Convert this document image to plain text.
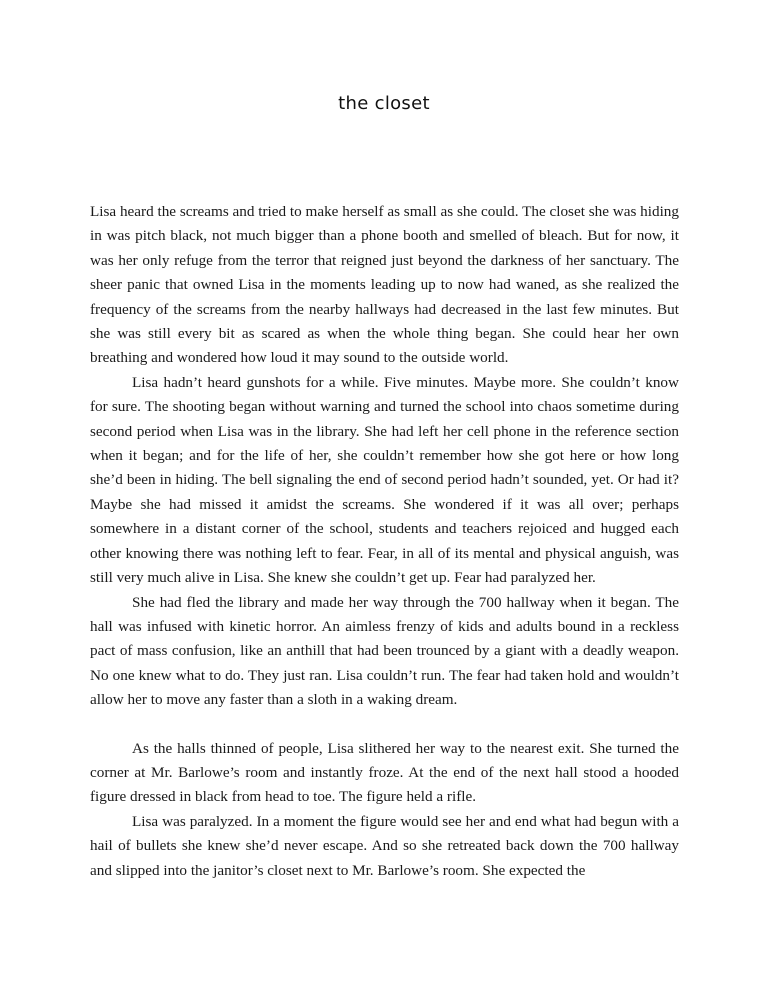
the closet

Lisa heard the screams and tried to make herself as small as she could. The closet she was hiding in was pitch black, not much bigger than a phone booth and smelled of bleach. But for now, it was her only refuge from the terror that reigned just beyond the darkness of her sanctuary. The sheer panic that owned Lisa in the moments leading up to now had waned, as she realized the frequency of the screams from the nearby hallways had decreased in the last few minutes. But she was still every bit as scared as when the whole thing began. She could hear her own breathing and wondered how loud it may sound to the outside world.

Lisa hadn’t heard gunshots for a while. Five minutes. Maybe more. She couldn’t know for sure. The shooting began without warning and turned the school into chaos sometime during second period when Lisa was in the library. She had left her cell phone in the reference section when it began; and for the life of her, she couldn’t remember how she got here or how long she’d been in hiding. The bell signaling the end of second period hadn’t sounded, yet. Or had it? Maybe she had missed it amidst the screams. She wondered if it was all over; perhaps somewhere in a distant corner of the school, students and teachers rejoiced and hugged each other knowing there was nothing left to fear. Fear, in all of its mental and physical anguish, was still very much alive in Lisa. She knew she couldn’t get up. Fear had paralyzed her.

She had fled the library and made her way through the 700 hallway when it began. The hall was infused with kinetic horror. An aimless frenzy of kids and adults bound in a reckless pact of mass confusion, like an anthill that had been trounced by a giant with a deadly weapon. No one knew what to do. They just ran. Lisa couldn’t run. The fear had taken hold and wouldn’t allow her to move any faster than a sloth in a waking dream.

As the halls thinned of people, Lisa slithered her way to the nearest exit. She turned the corner at Mr. Barlowe’s room and instantly froze. At the end of the next hall stood a hooded figure dressed in black from head to toe. The figure held a rifle.

Lisa was paralyzed. In a moment the figure would see her and end what had begun with a hail of bullets she knew she’d never escape. And so she retreated back down the 700 hallway and slipped into the janitor’s closet next to Mr. Barlowe’s room. She expected the
